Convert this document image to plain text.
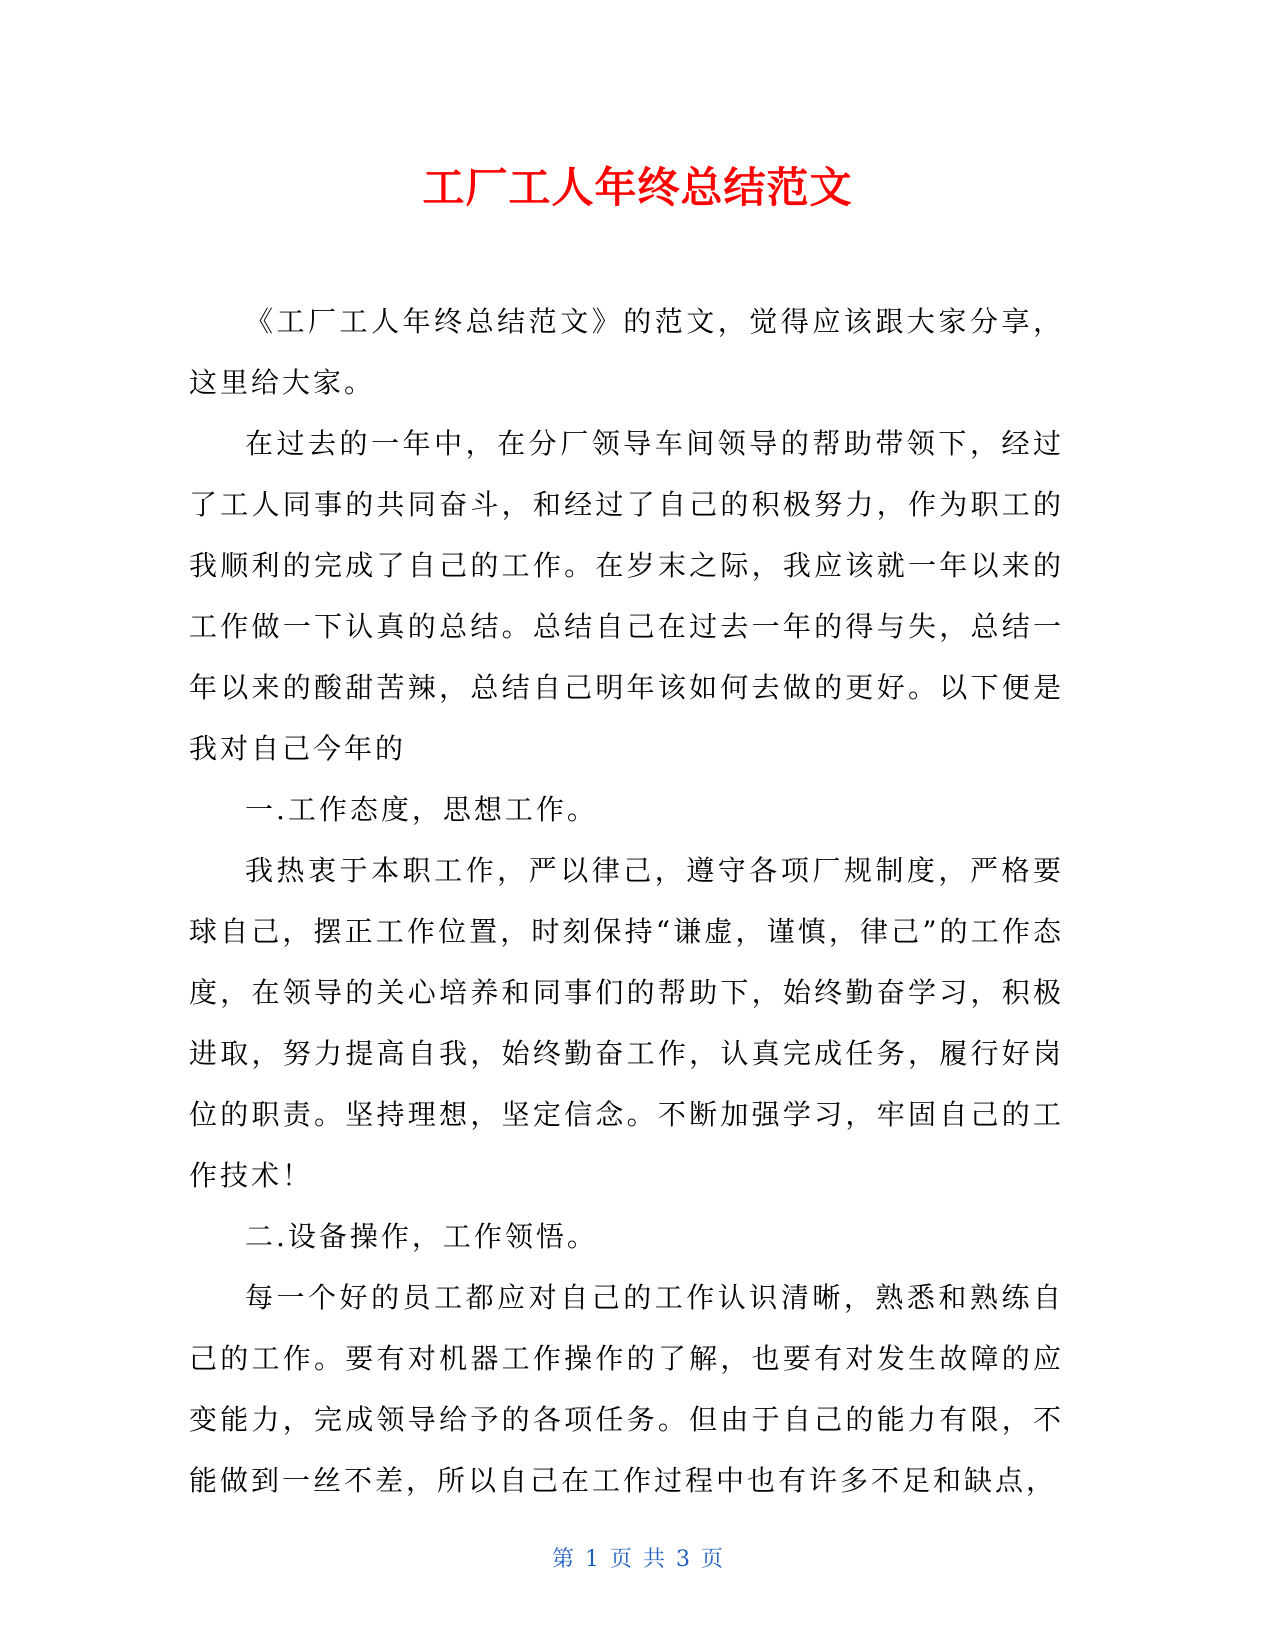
工厂工人年终总结范文

《工厂工人年终总结范文》的范文，觉得应该跟大家分享，这里给大家。

在过去的一年中，在分厂领导车间领导的帮助带领下，经过了工人同事的共同奋斗，和经过了自己的积极努力，作为职工的我顺利的完成了自己的工作。在岁末之际，我应该就一年以来的工作做一下认真的总结。总结自己在过去一年的得与失，总结一年以来的酸甜苦辣，总结自己明年该如何去做的更好。以下便是我对自己今年的

一.工作态度，思想工作。

我热衷于本职工作，严以律己，遵守各项厂规制度，严格要球自己，摆正工作位置，时刻保持“谦虚，谨慎，律己”的工作态度，在领导的关心培养和同事们的帮助下，始终勤奋学习，积极进取，努力提高自我，始终勤奋工作，认真完成任务，履行好岗位的职责。坚持理想，坚定信念。不断加强学习，牢固自己的工作技术！

二.设备操作，工作领悟。

每一个好的员工都应对自己的工作认识清晰，熟悉和熟练自己的工作。要有对机器工作操作的了解，也要有对发生故障的应变能力，完成领导给予的各项任务。但由于自己的能力有限，不能做到一丝不差，所以自己在工作过程中也有许多不足和缺点，

第 1 页 共 3 页
